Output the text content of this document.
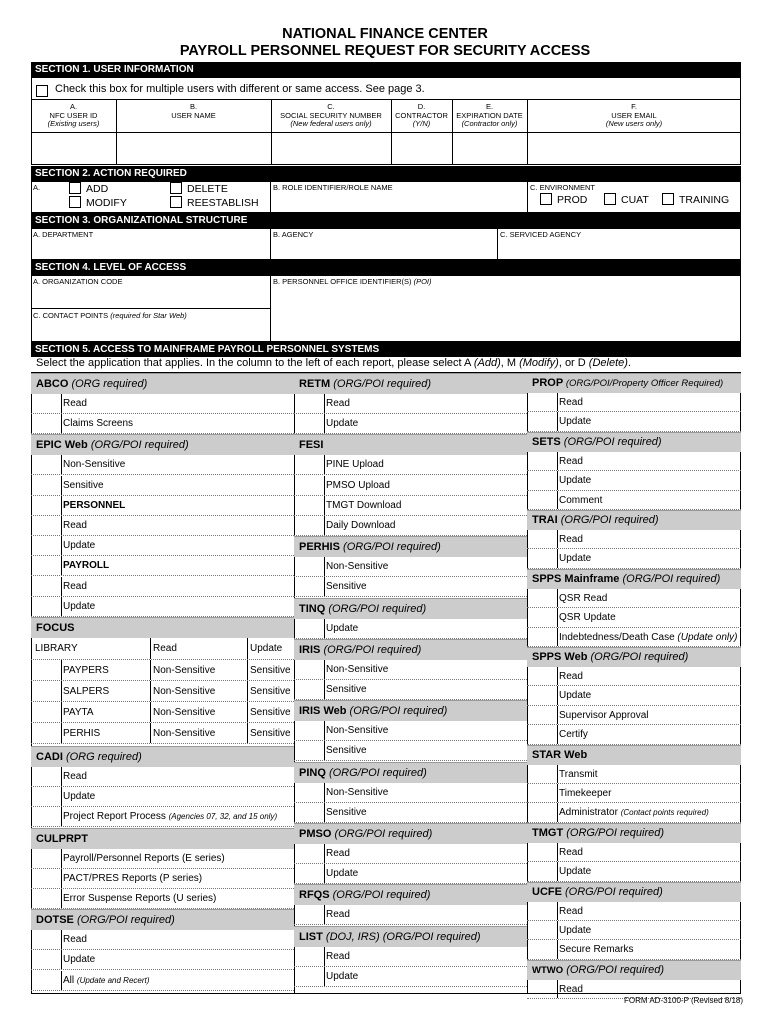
NATIONAL FINANCE CENTER
PAYROLL PERSONNEL REQUEST FOR SECURITY ACCESS
SECTION 1. USER INFORMATION
Check this box for multiple users with different or same access. See page 3.
A.
NFC USER ID
(Existing users)
B.
USER NAME
C.
SOCIAL SECURITY NUMBER
(New federal users only)
D.
CONTRACTOR
(Y/N)
E.
EXPIRATION DATE
(Contractor only)
F.
USER EMAIL
(New users only)
SECTION 2. ACTION REQUIRED
A.	ADD	DELETE
MODIFY	REESTABLISH
B. ROLE IDENTIFIER/ROLE NAME	C. ENVIRONMENT
PROD	CUAT	TRAINING
SECTION 3. ORGANIZATIONAL STRUCTURE
A. DEPARTMENT	B. AGENCY	C. SERVICED AGENCY
SECTION 4. LEVEL OF ACCESS
A. ORGANIZATION CODE	B. PERSONNEL OFFICE IDENTIFIER(S) (POI)
C. CONTACT POINTS (required for Star Web)
SECTION 5. ACCESS TO MAINFRAME PAYROLL PERSONNEL SYSTEMS
Select the application that applies. In the column to the left of each report, please select A (Add), M (Modify), or D (Delete).
ABCO (ORG required)
Read
Claims Screens
EPIC Web (ORG/POI required)
Non-Sensitive
Sensitive
PERSONNEL
Read
Update
PAYROLL
Read
Update
FOCUS
LIBRARY	Read	Update
PAYPERS	Non-Sensitive	Sensitive
SALPERS	Non-Sensitive	Sensitive
PAYTA	Non-Sensitive	Sensitive
PERHIS	Non-Sensitive	Sensitive
CADI (ORG required)
Read
Update
Project Report Process (Agencies 07, 32, and 15 only)
CULPRPT
Payroll/Personnel Reports (E series)
PACT/PRES Reports (P series)
Error Suspense Reports (U series)
DOTSE (ORG/POI required)
Read
Update
All (Update and Recert)
RETM (ORG/POI required)
Read
Update
FESI
PINE Upload
PMSO Upload
TMGT Download
Daily Download
PERHIS (ORG/POI required)
Non-Sensitive
Sensitive
TINQ (ORG/POI required)
Update
IRIS (ORG/POI required)
Non-Sensitive
Sensitive
IRIS Web (ORG/POI required)
Non-Sensitive
Sensitive
PINQ (ORG/POI required)
Non-Sensitive
Sensitive
PMSO (ORG/POI required)
Read
Update
RFQS (ORG/POI required)
Read
LIST (DOJ, IRS) (ORG/POI required)
Read
Update
PROP (ORG/POI/Property Officer Required)
Read
Update
SETS (ORG/POI required)
Read
Update
Comment
TRAI (ORG/POI required)
Read
Update
SPPS Mainframe (ORG/POI required)
QSR Read
QSR Update
Indebtedness/Death Case (Update only)
SPPS Web (ORG/POI required)
Read
Update
Supervisor Approval
Certify
STAR Web
Transmit
Timekeeper
Administrator (Contact points required)
TMGT (ORG/POI required)
Read
Update
UCFE (ORG/POI required)
Read
Update
Secure Remarks
WTWO (ORG/POI required)
Read
FORM AD-3100-P (Revised 8/18)
